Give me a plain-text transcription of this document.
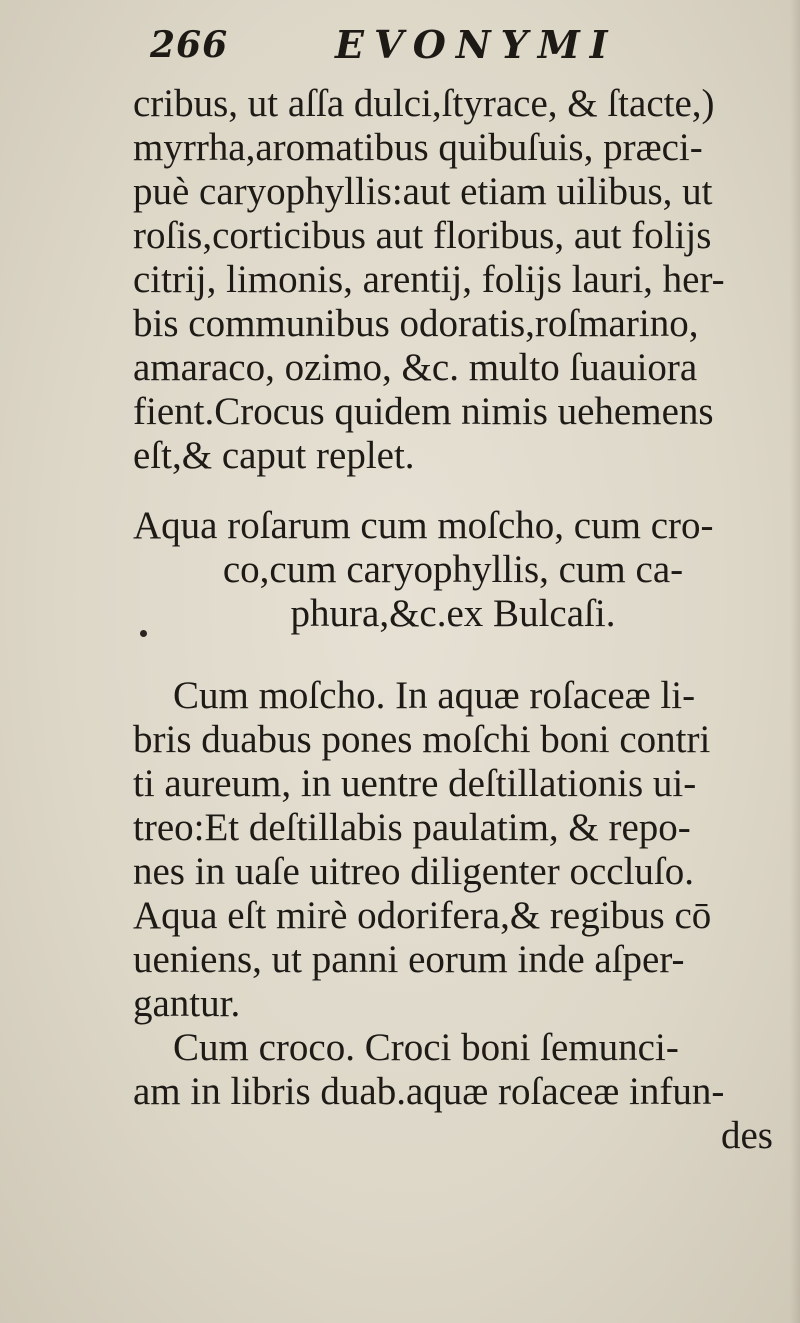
266	EVONYMI
cribus, ut aſſa dulci,ſtyrace, & ſtacte,)
myrrha,aromatibus quibuſuis, præci-
puè caryophyllis:aut etiam uilibus, ut
roſis,corticibus aut floribus, aut folijs
citrij, limonis, arentij, folijs lauri, her-
bis communibus odoratis,roſmarino,
amaraco, ozimo, &c. multo ſuauiora
fient.Crocus quidem nimis uehemens
eſt,& caput replet.
Aqua roſarum cum moſcho, cum cro-
co,cum caryophyllis, cum ca-
phura,&c.ex Bulcaſi.
Cum moſcho. In aquæ roſaceæ li-
bris duabus pones moſchi boni contri
ti aureum, in uentre deſtillationis ui-
treo:Et deſtillabis paulatim, & repo-
nes in uaſe uitreo diligenter occluſo.
Aqua eſt mirè odorifera,& regibus cō
ueniens, ut panni eorum inde aſper-
gantur.
Cum croco. Croci boni ſemunci-
am in libris duab.aquæ roſaceæ infun-
des
